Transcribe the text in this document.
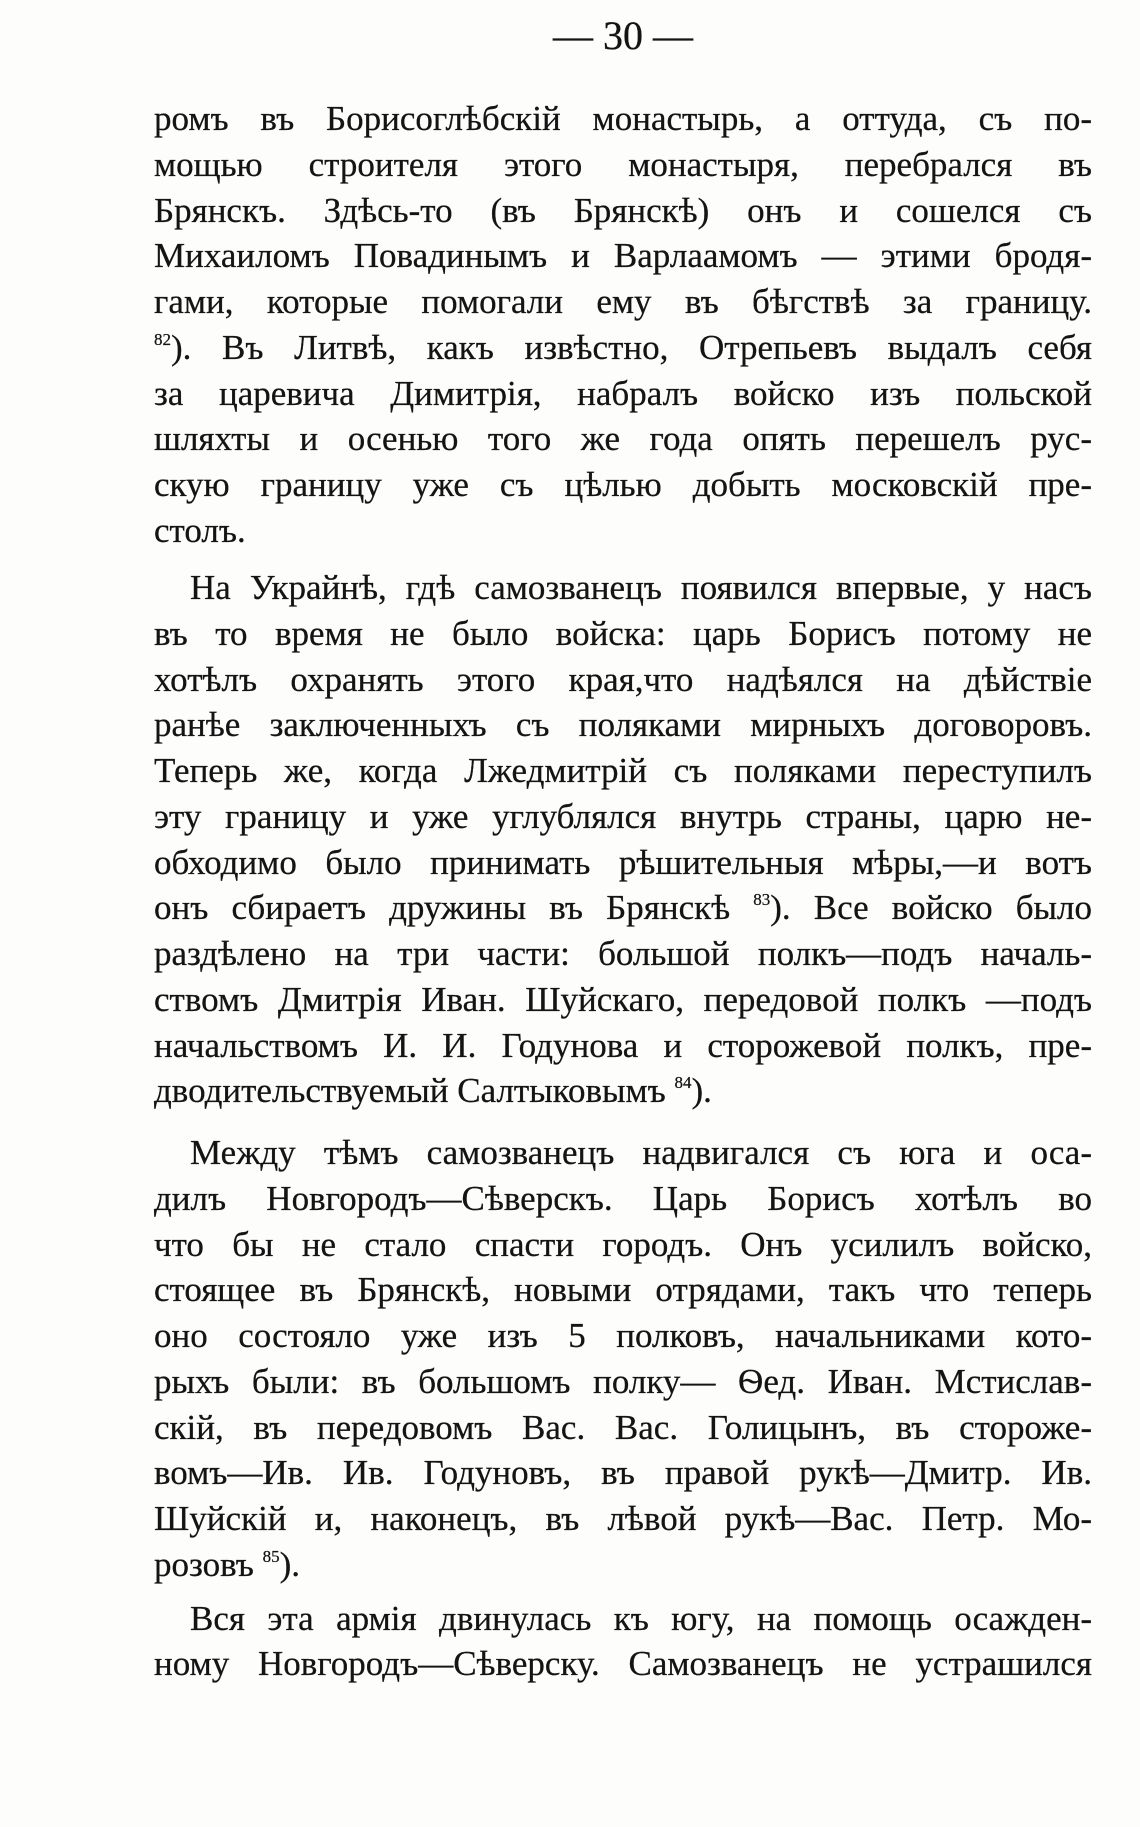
— 30 —
ромъ въ Борисоглѣбскій монастырь, а оттуда, съ по-
мощью строителя этого монастыря, перебрался въ
Брянскъ. Здѣсь-то (въ Брянскѣ) онъ и сошелся съ
Михаиломъ Повадинымъ и Варлаамомъ — этими бродя-
гами, которые помогали ему въ бѣгствѣ за границу.
$^{82}$). Въ Литвѣ, какъ извѣстно, Отрепьевъ выдалъ себя
за царевича Димитрія, набралъ войско изъ польской
шляхты и осенью того же года опять перешелъ рус-
скую границу уже съ цѣлью добыть московскій пре-
столъ.
На Украйнѣ, гдѣ самозванецъ появился впервые, у насъ
въ то время не было войска: царь Борисъ потому не
хотѣлъ охранять этого края,что надѣялся на дѣйствіе
ранѣе заключенныхъ съ поляками мирныхъ договоровъ.
Теперь же, когда Лжедмитрій съ поляками переступилъ
эту границу и уже углублялся внутрь страны, царю не-
обходимо было принимать рѣшительныя мѣры,—и вотъ
онъ сбираетъ дружины въ Брянскѣ $^{83}$). Все войско было
раздѣлено на три части: большой полкъ—подъ началь-
ствомъ Дмитрія Иван. Шуйскаго, передовой полкъ —подъ
начальствомъ И. И. Годунова и сторожевой полкъ, пре-
дводительствуемый Салтыковымъ $^{84}$).
Между тѣмъ самозванецъ надвигался съ юга и оса-
дилъ Новгородъ—Сѣверскъ. Царь Борисъ хотѣлъ во
что бы не стало спасти городъ. Онъ усилилъ войско,
стоящее въ Брянскѣ, новыми отрядами, такъ что теперь
оно состояло уже изъ 5 полковъ, начальниками кото-
рыхъ были: въ большомъ полку— Ѳед. Иван. Мстислав-
скій, въ передовомъ Вас. Вас. Голицынъ, въ стороже-
вомъ—Ив. Ив. Годуновъ, въ правой рукѣ—Дмитр. Ив.
Шуйскій и, наконецъ, въ лѣвой рукѣ—Вас. Петр. Мо-
розовъ $^{85}$).
Вся эта армія двинулась къ югу, на помощь осажден-
ному Новгородъ—Сѣверску. Самозванецъ не устрашился
